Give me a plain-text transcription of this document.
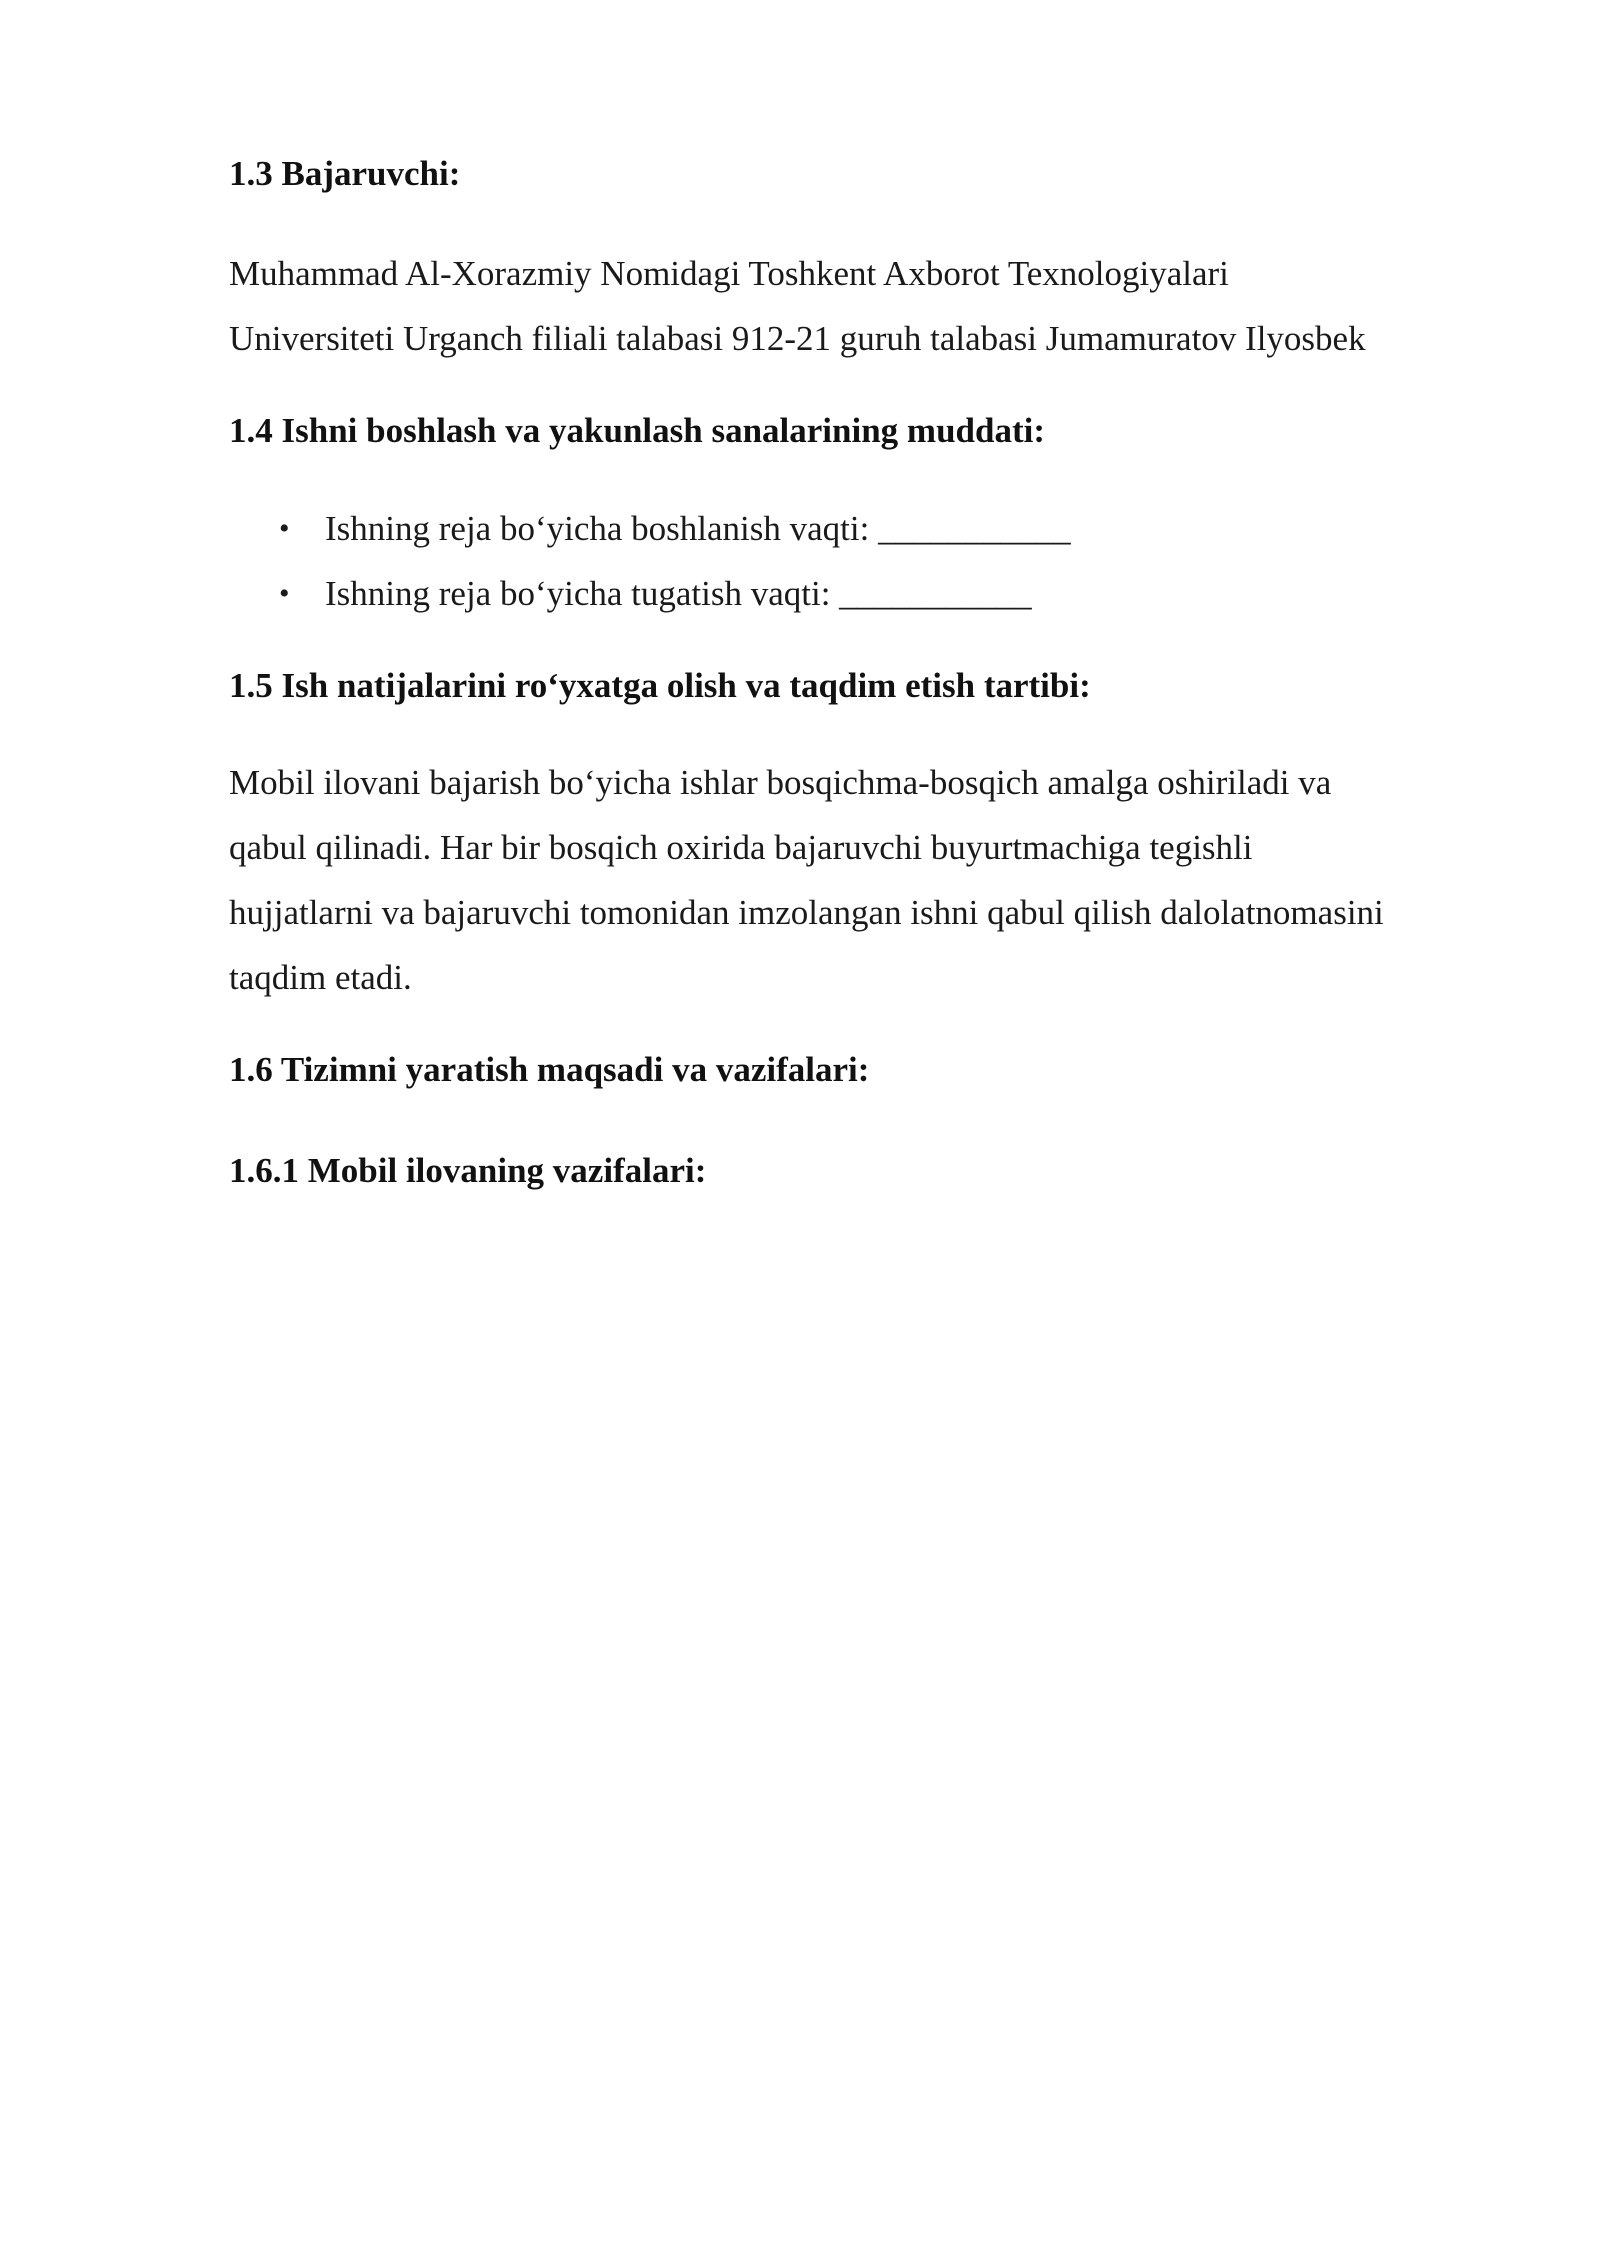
1.3 Bajaruvchi:

Muhammad Al-Xorazmiy Nomidagi Toshkent Axborot Texnologiyalari
Universiteti Urganch filiali talabasi 912-21 guruh talabasi Jumamuratov Ilyosbek

1.4 Ishni boshlash va yakunlash sanalarining muddati:
• Ishning reja bo‘yicha boshlanish vaqti: ___________
• Ishning reja bo‘yicha tugatish vaqti: ___________
1.5 Ish natijalarini ro‘yxatga olish va taqdim etish tartibi:

Mobil ilovani bajarish bo‘yicha ishlar bosqichma-bosqich amalga oshiriladi va
qabul qilinadi. Har bir bosqich oxirida bajaruvchi buyurtmachiga tegishli
hujjatlarni va bajaruvchi tomonidan imzolangan ishni qabul qilish dalolatnomasini
taqdim etadi.

1.6 Tizimni yaratish maqsadi va vazifalari:
1.6.1 Mobil ilovaning vazifalari:
